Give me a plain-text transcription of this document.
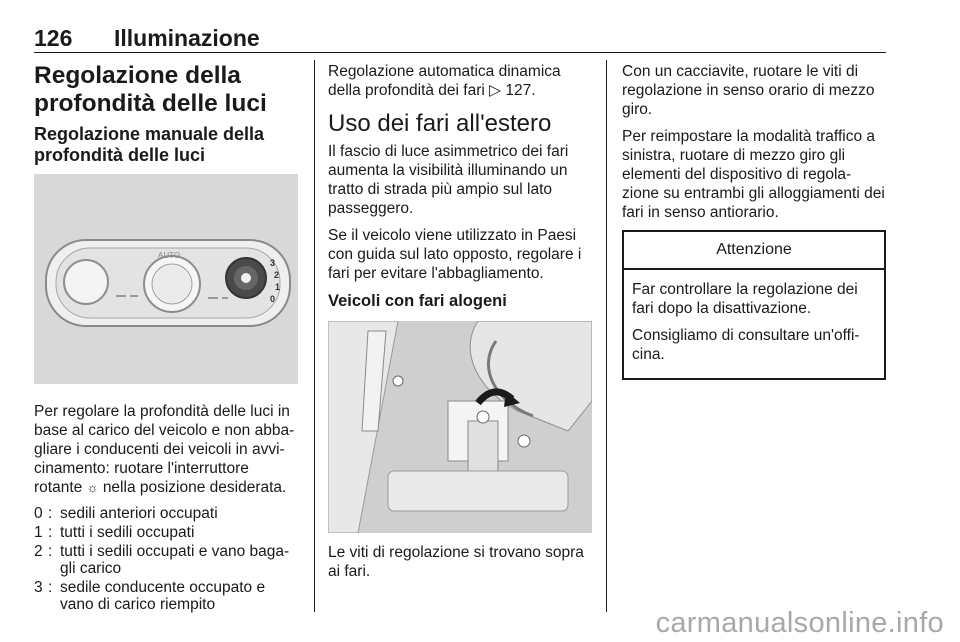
126 Illuminazione
Regolazione della profondità delle luci
Regolazione manuale della profondità delle luci
AUTO
3
2
1
0

Per regolare la profondità delle luci in base al carico del veicolo e non abba- gliare i conducenti dei veicoli in avvi- cinamento: ruotare l'interruttore rotante ☼ nella posizione desiderata.

0 : sedili anteriori occupati
1 : tutti i sedili occupati
2 : tutti i sedili occupati e vano baga- gli carico
3 : sedile conducente occupato e vano di carico riempito

Regolazione automatica dinamica della profondità dei fari ▷ 127.

Uso dei fari all'estero

Il fascio di luce asimmetrico dei fari aumenta la visibilità illuminando un tratto di strada più ampio sul lato passeggero.

Se il veicolo viene utilizzato in Paesi con guida sul lato opposto, regolare i fari per evitare l'abbagliamento.

Veicoli con fari alogeni

Le viti di regolazione si trovano sopra ai fari.

Con un cacciavite, ruotare le viti di regolazione in senso orario di mezzo giro.

Per reimpostare la modalità traffico a sinistra, ruotare di mezzo giro gli elementi del dispositivo di regola- zione su entrambi gli alloggiamenti dei fari in senso antiorario.

Attenzione

Far controllare la regolazione dei fari dopo la disattivazione.

Consigliamo di consultare un'offi- cina.

carmanualsonline.info
